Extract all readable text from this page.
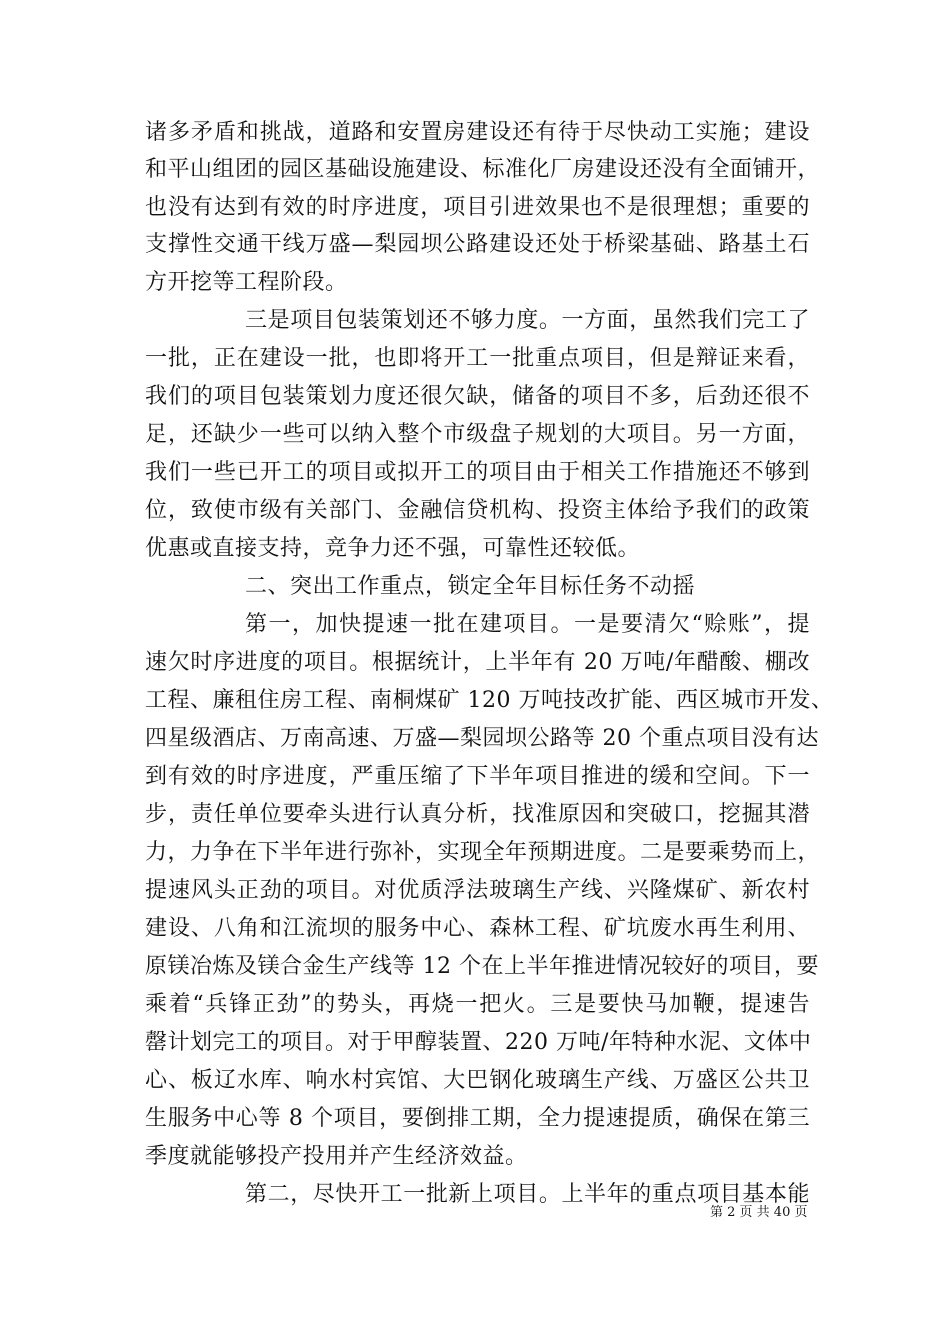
诸多矛盾和挑战，道路和安置房建设还有待于尽快动工实施；建设
和平山组团的园区基础设施建设、标准化厂房建设还没有全面铺开，
也没有达到有效的时序进度，项目引进效果也不是很理想；重要的
支撑性交通干线万盛—梨园坝公路建设还处于桥梁基础、路基土石
方开挖等工程阶段。
三是项目包装策划还不够力度。一方面，虽然我们完工了
一批，正在建设一批，也即将开工一批重点项目，但是辩证来看，
我们的项目包装策划力度还很欠缺，储备的项目不多，后劲还很不
足，还缺少一些可以纳入整个市级盘子规划的大项目。另一方面，
我们一些已开工的项目或拟开工的项目由于相关工作措施还不够到
位，致使市级有关部门、金融信贷机构、投资主体给予我们的政策
优惠或直接支持，竞争力还不强，可靠性还较低。
二、突出工作重点，锁定全年目标任务不动摇
第一，加快提速一批在建项目。一是要清欠“赊账”，提
速欠时序进度的项目。根据统计，上半年有 20 万吨/年醋酸、棚改
工程、廉租住房工程、南桐煤矿 120 万吨技改扩能、西区城市开发、
四星级酒店、万南高速、万盛—梨园坝公路等 20 个重点项目没有达
到有效的时序进度，严重压缩了下半年项目推进的缓和空间。下一
步，责任单位要牵头进行认真分析，找准原因和突破口，挖掘其潜
力，力争在下半年进行弥补，实现全年预期进度。二是要乘势而上，
提速风头正劲的项目。对优质浮法玻璃生产线、兴隆煤矿、新农村
建设、八角和江流坝的服务中心、森林工程、矿坑废水再生利用、
原镁冶炼及镁合金生产线等 12 个在上半年推进情况较好的项目，要
乘着“兵锋正劲”的势头，再烧一把火。三是要快马加鞭，提速告
罄计划完工的项目。对于甲醇装置、220 万吨/年特种水泥、文体中
心、板辽水库、响水村宾馆、大巴钢化玻璃生产线、万盛区公共卫
生服务中心等 8 个项目，要倒排工期，全力提速提质，确保在第三
季度就能够投产投用并产生经济效益。
第二，尽快开工一批新上项目。上半年的重点项目基本能
第 2 页 共 40 页
